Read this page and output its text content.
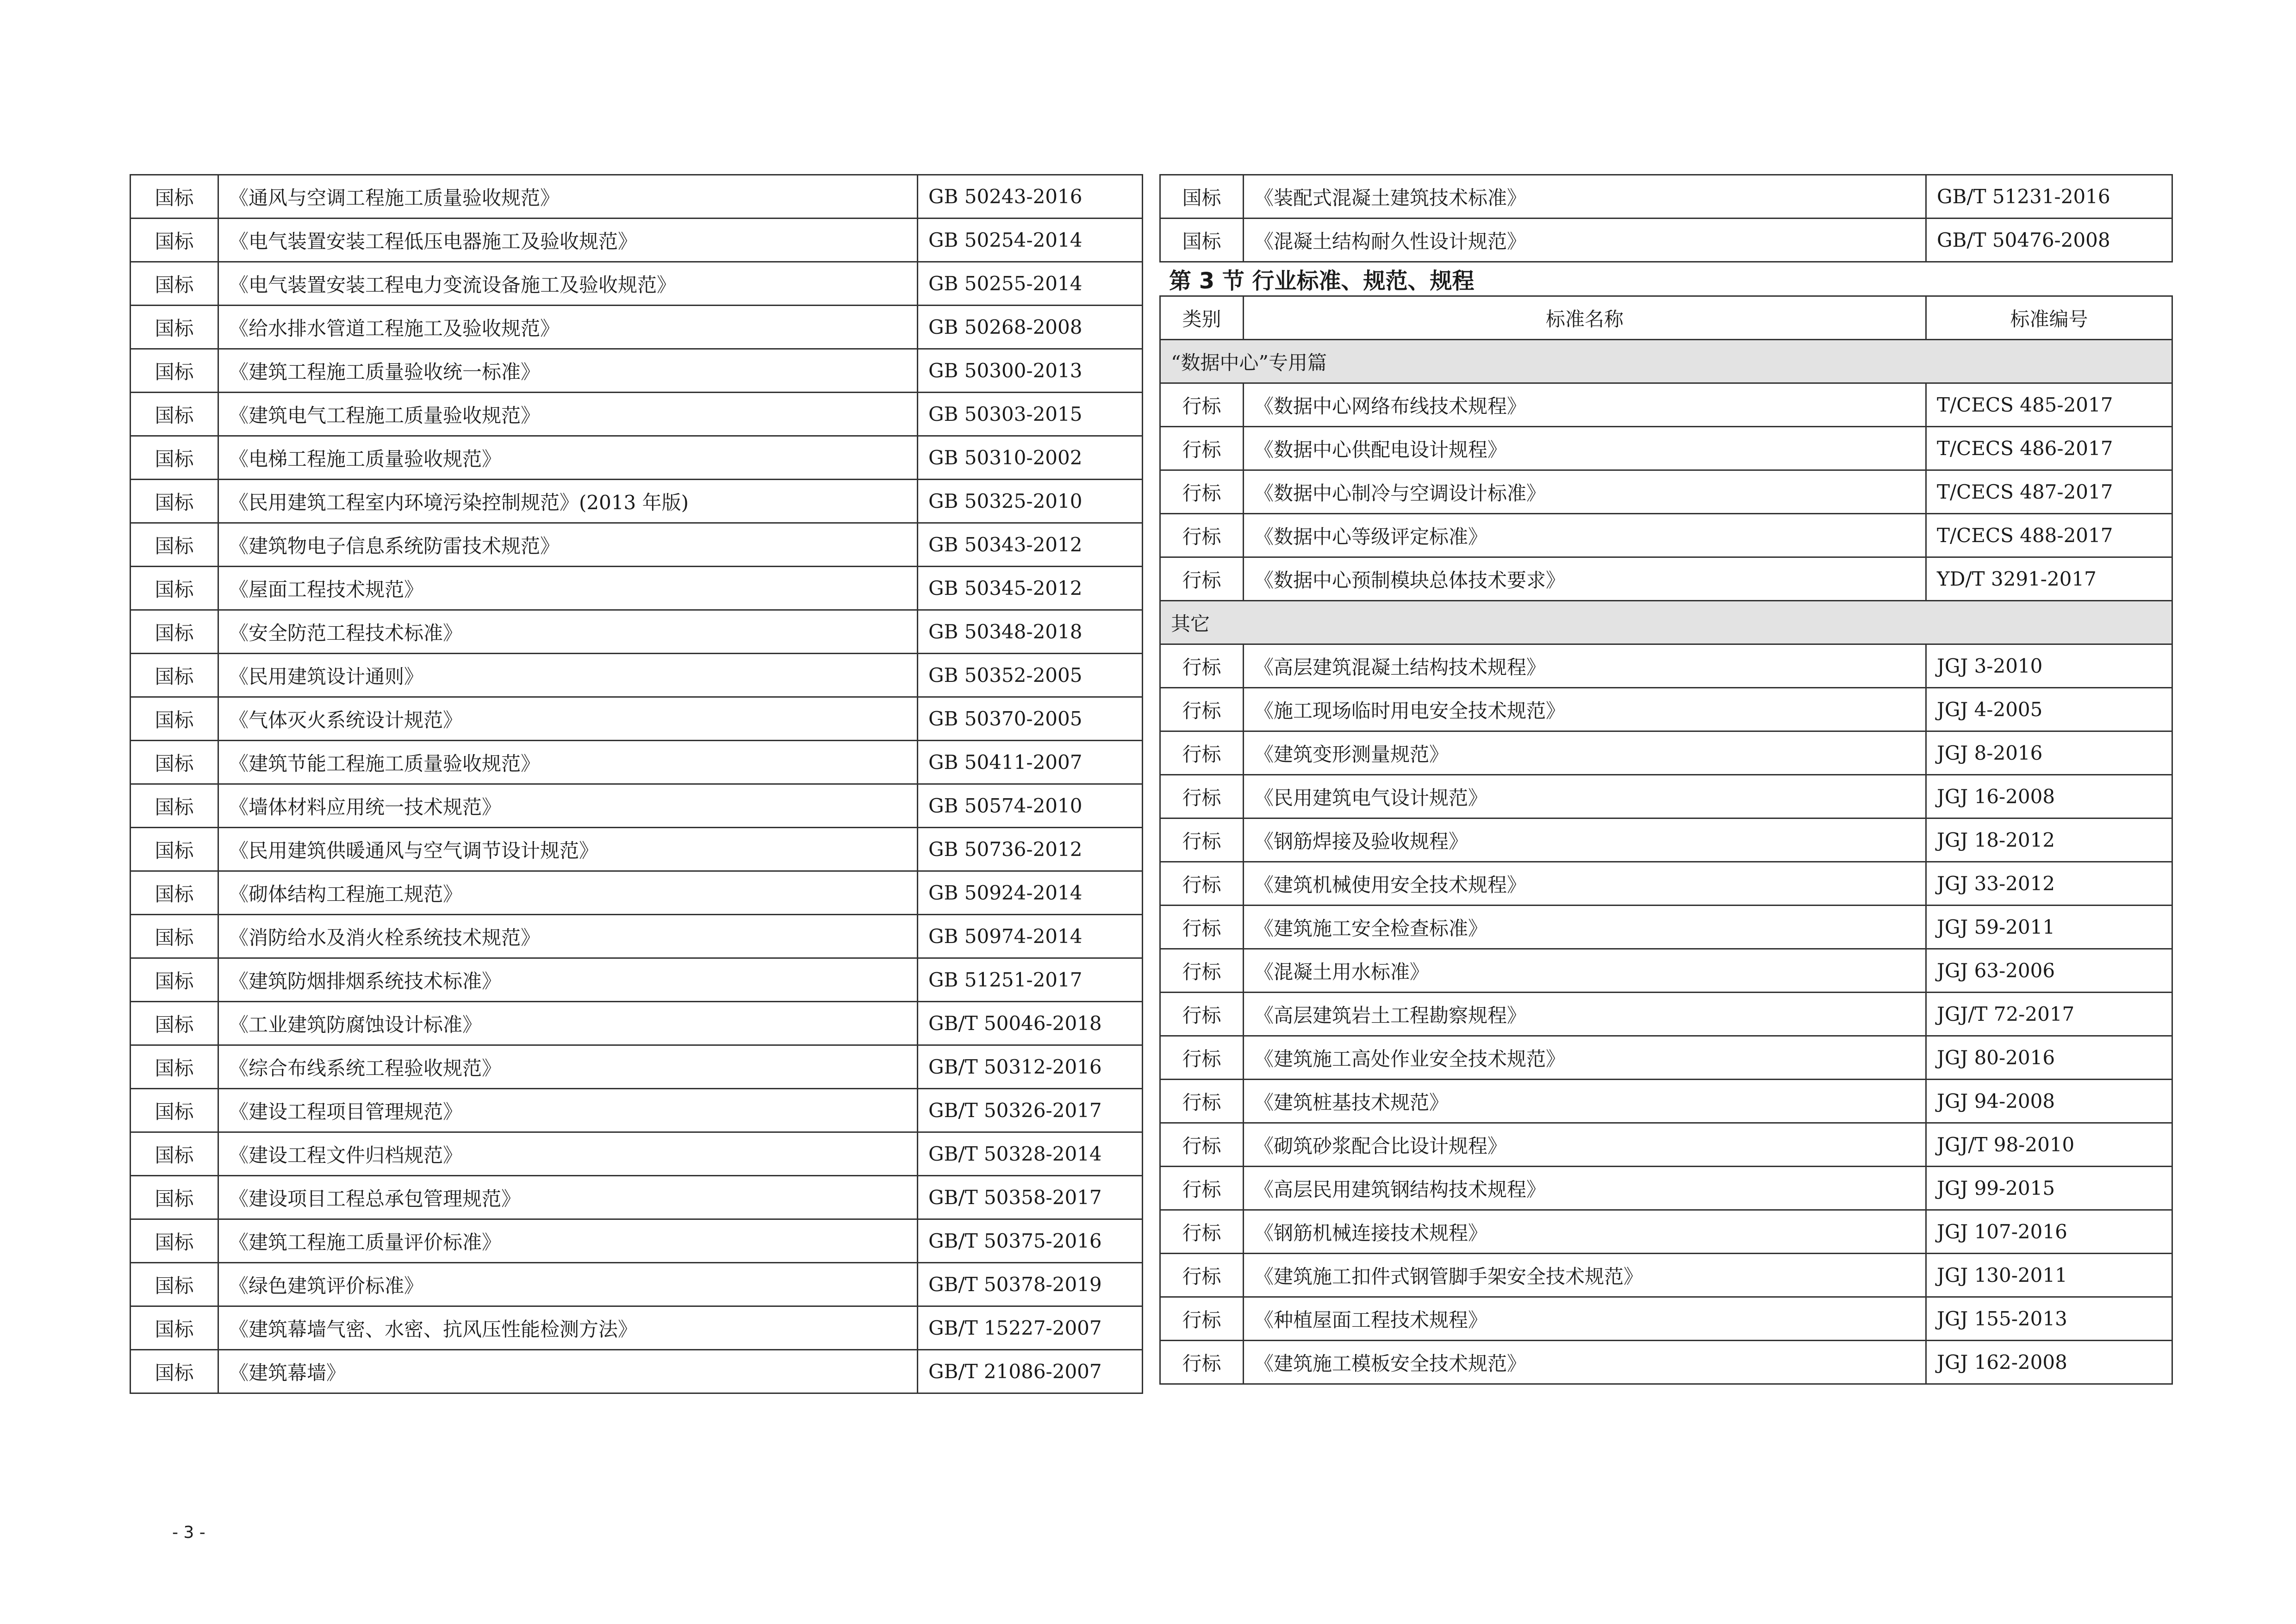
国标	《通风与空调工程施工质量验收规范》	GB 50243-2016
国标	《电气装置安装工程低压电器施工及验收规范》	GB 50254-2014
国标	《电气装置安装工程电力变流设备施工及验收规范》	GB 50255-2014
国标	《给水排水管道工程施工及验收规范》	GB 50268-2008
国标	《建筑工程施工质量验收统一标准》	GB 50300-2013
国标	《建筑电气工程施工质量验收规范》	GB 50303-2015
国标	《电梯工程施工质量验收规范》	GB 50310-2002
国标	《民用建筑工程室内环境污染控制规范》(2013 年版)	GB 50325-2010
国标	《建筑物电子信息系统防雷技术规范》	GB 50343-2012
国标	《屋面工程技术规范》	GB 50345-2012
国标	《安全防范工程技术标准》	GB 50348-2018
国标	《民用建筑设计通则》	GB 50352-2005
国标	《气体灭火系统设计规范》	GB 50370-2005
国标	《建筑节能工程施工质量验收规范》	GB 50411-2007
国标	《墙体材料应用统一技术规范》	GB 50574-2010
国标	《民用建筑供暖通风与空气调节设计规范》	GB 50736-2012
国标	《砌体结构工程施工规范》	GB 50924-2014
国标	《消防给水及消火栓系统技术规范》	GB 50974-2014
国标	《建筑防烟排烟系统技术标准》	GB 51251-2017
国标	《工业建筑防腐蚀设计标准》	GB/T 50046-2018
国标	《综合布线系统工程验收规范》	GB/T 50312-2016
国标	《建设工程项目管理规范》	GB/T 50326-2017
国标	《建设工程文件归档规范》	GB/T 50328-2014
国标	《建设项目工程总承包管理规范》	GB/T 50358-2017
国标	《建筑工程施工质量评价标准》	GB/T 50375-2016
国标	《绿色建筑评价标准》	GB/T 50378-2019
国标	《建筑幕墙气密、水密、抗风压性能检测方法》	GB/T 15227-2007
国标	《建筑幕墙》	GB/T 21086-2007
国标	《装配式混凝土建筑技术标准》	GB/T 51231-2016
国标	《混凝土结构耐久性设计规范》	GB/T 50476-2008
第 3 节 行业标准、规范、规程
类别	标准名称	标准编号
“数据中心”专用篇		
行标	《数据中心网络布线技术规程》	T/CECS 485-2017
行标	《数据中心供配电设计规程》	T/CECS 486-2017
行标	《数据中心制冷与空调设计标准》	T/CECS 487-2017
行标	《数据中心等级评定标准》	T/CECS 488-2017
行标	《数据中心预制模块总体技术要求》	YD/T 3291-2017
其它		
行标	《高层建筑混凝土结构技术规程》	JGJ 3-2010
行标	《施工现场临时用电安全技术规范》	JGJ 4-2005
行标	《建筑变形测量规范》	JGJ 8-2016
行标	《民用建筑电气设计规范》	JGJ 16-2008
行标	《钢筋焊接及验收规程》	JGJ 18-2012
行标	《建筑机械使用安全技术规程》	JGJ 33-2012
行标	《建筑施工安全检查标准》	JGJ 59-2011
行标	《混凝土用水标准》	JGJ 63-2006
行标	《高层建筑岩土工程勘察规程》	JGJ/T 72-2017
行标	《建筑施工高处作业安全技术规范》	JGJ 80-2016
行标	《建筑桩基技术规范》	JGJ 94-2008
行标	《砌筑砂浆配合比设计规程》	JGJ/T 98-2010
行标	《高层民用建筑钢结构技术规程》	JGJ 99-2015
行标	《钢筋机械连接技术规程》	JGJ 107-2016
行标	《建筑施工扣件式钢管脚手架安全技术规范》	JGJ 130-2011
行标	《种植屋面工程技术规程》	JGJ 155-2013
行标	《建筑施工模板安全技术规范》	JGJ 162-2008
- 3 -
